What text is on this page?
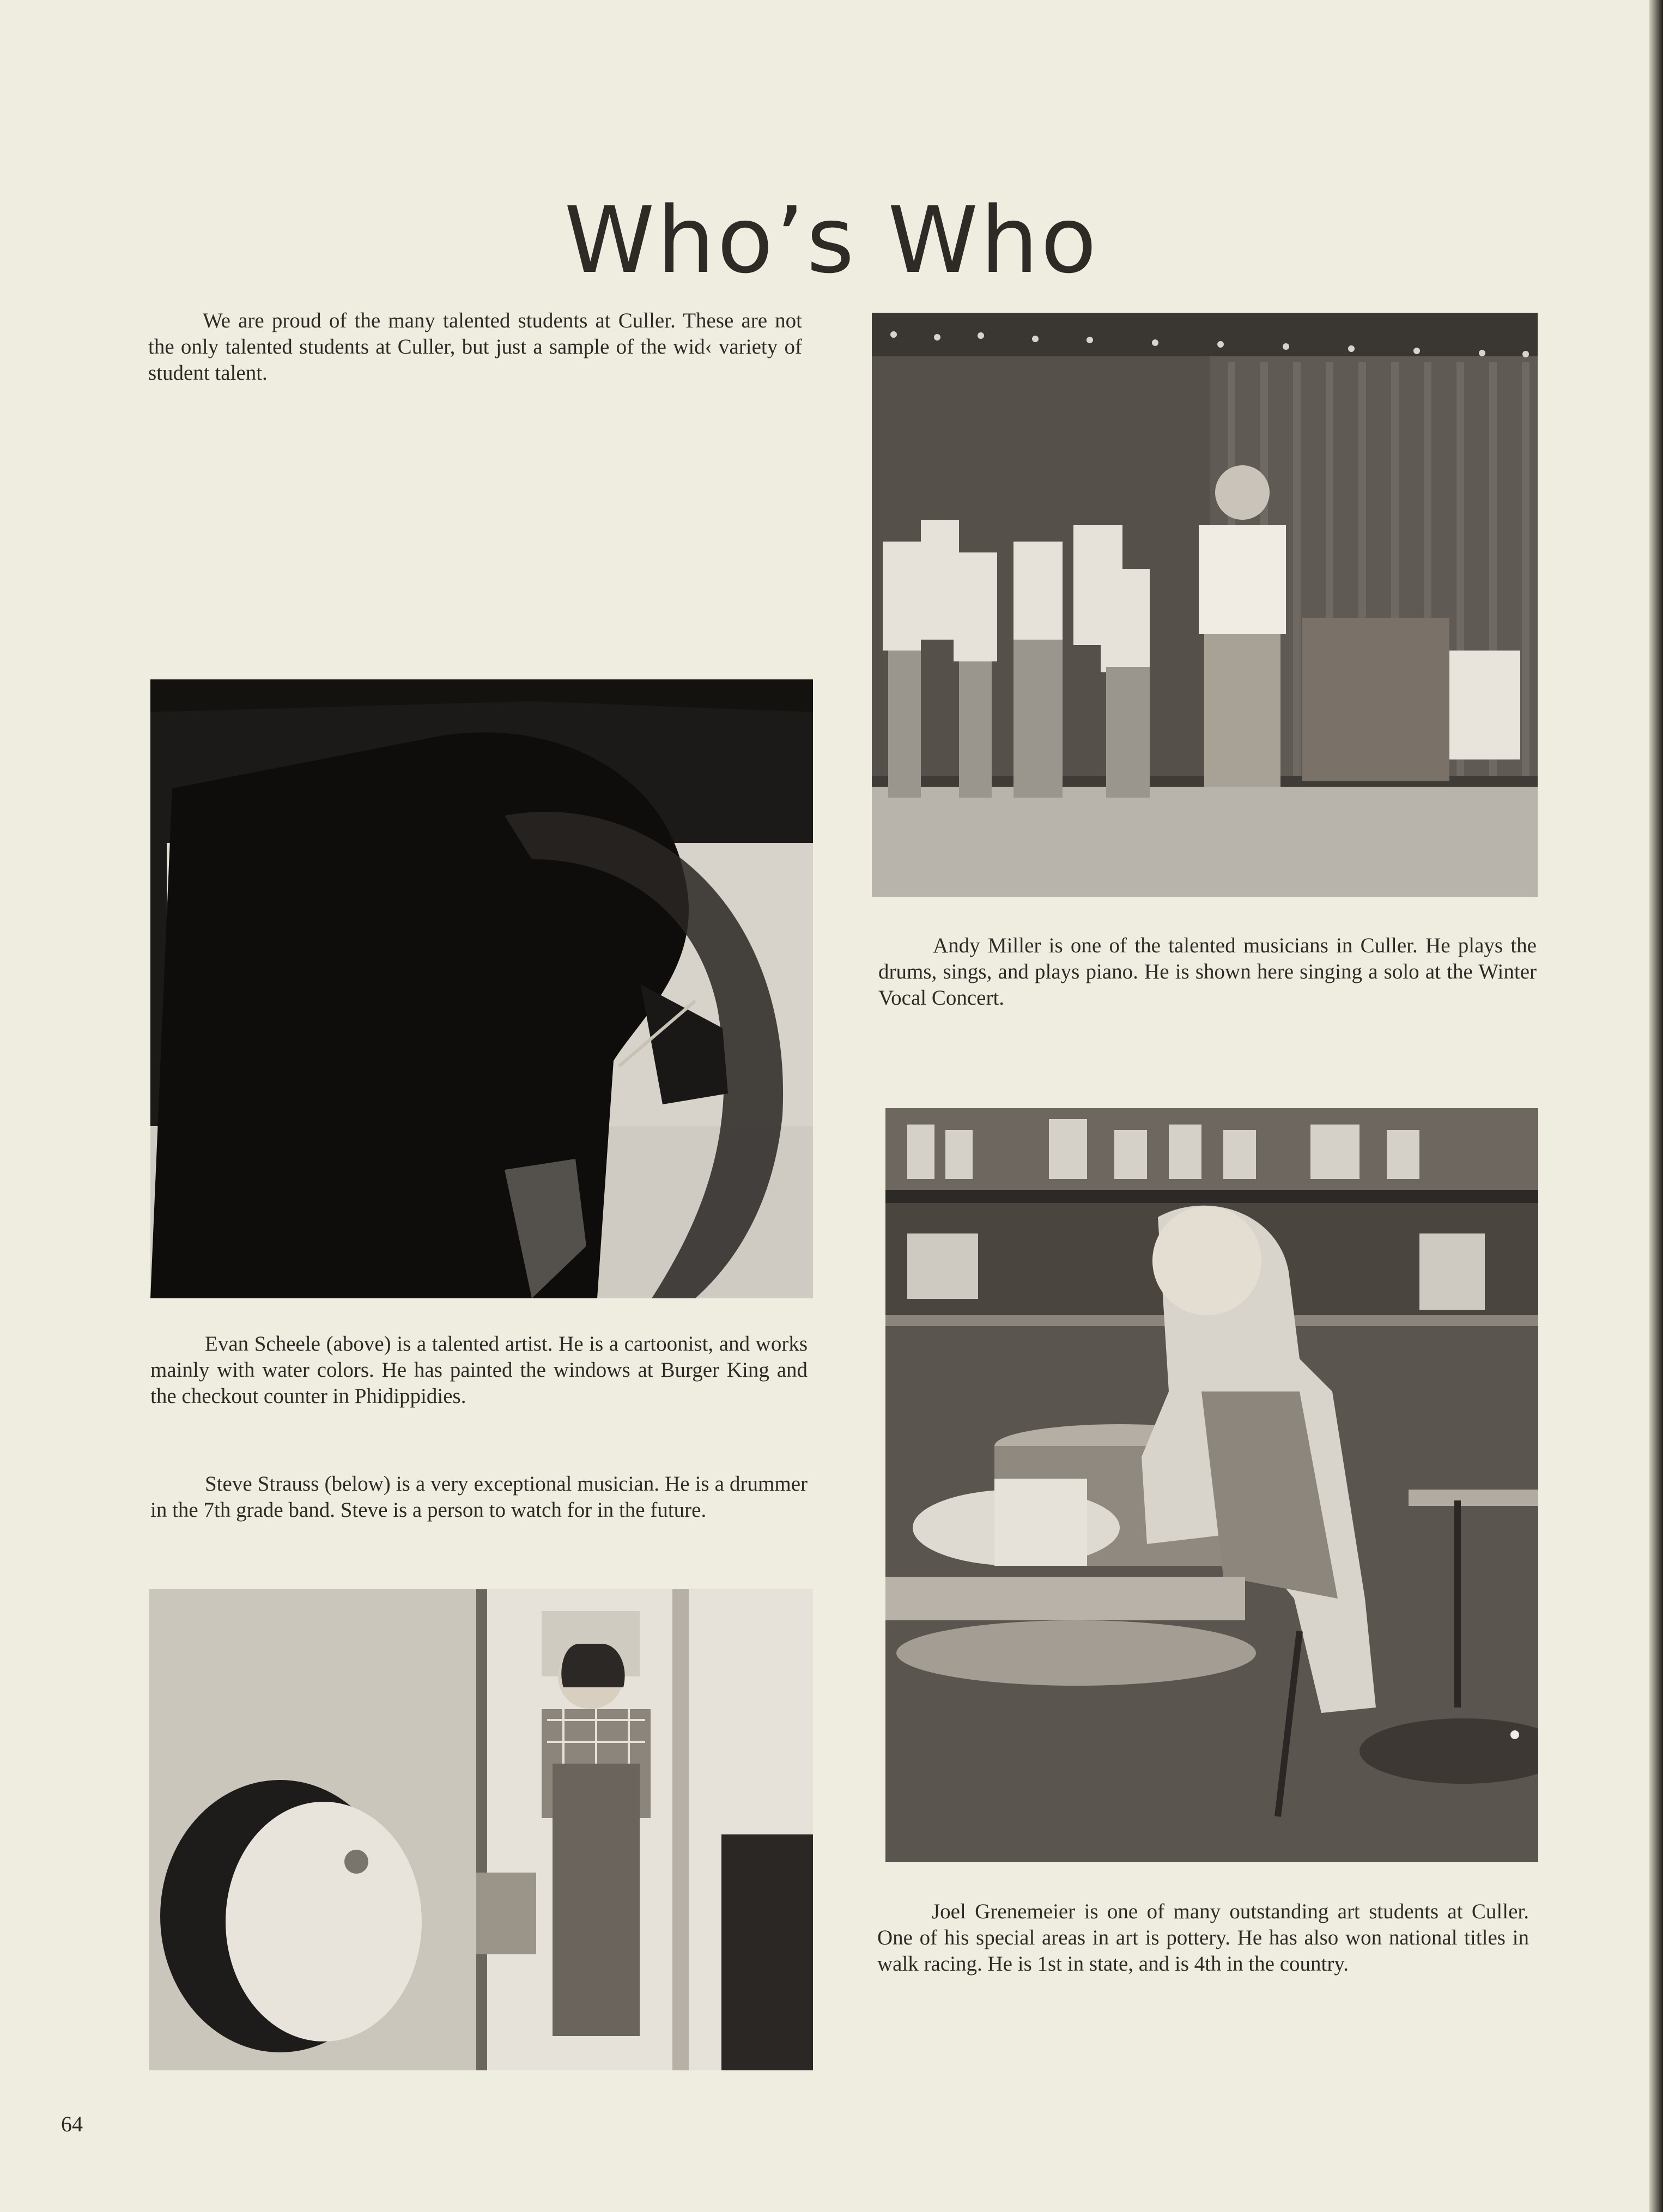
Who’s Who

We are proud of the many talented students at Culler. These are not the only talented students at Culler, but just a sample of the wid‹ variety of student talent.

Andy Miller is one of the talented musicians in Culler. He plays the drums, sings, and plays piano. He is shown here singing a solo at the Winter Vocal Concert.

Evan Scheele (above) is a talented artist. He is a cartoonist, and works mainly with water colors. He has painted the windows at Burger King and the checkout counter in Phidippidies.

Steve Strauss (below) is a very exceptional musician. He is a drummer in the 7th grade band. Steve is a person to watch for in the future.

Joel Grenemeier is one of many outstanding art students at Culler. One of his special areas in art is pottery. He has also won national titles in walk racing. He is 1st in state, and is 4th in the country.

64
